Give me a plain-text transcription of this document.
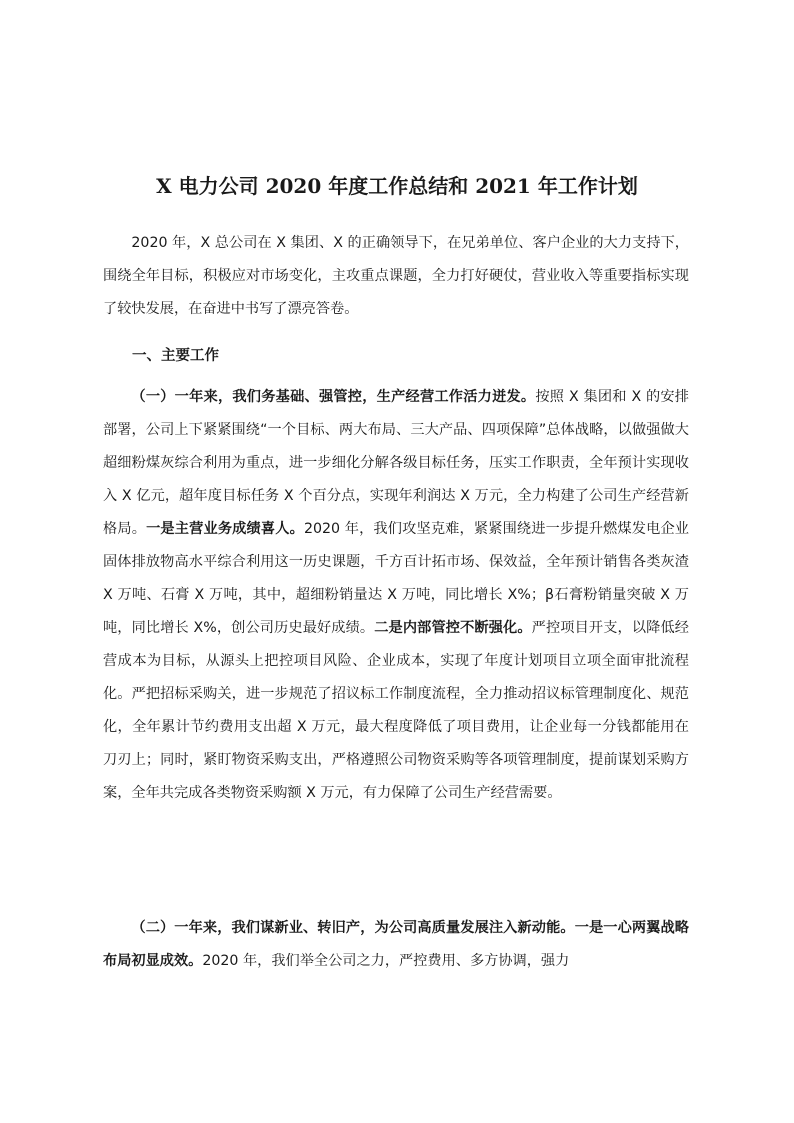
X 电力公司 2020 年度工作总结和 2021 年工作计划

2020 年，X 总公司在 X 集团、X 的正确领导下，在兄弟单位、客户企业的大力支持下，围绕全年目标，积极应对市场变化，主攻重点课题，全力打好硬仗，营业收入等重要指标实现了较快发展，在奋进中书写了漂亮答卷。

一、主要工作

（一）一年来，我们务基础、强管控，生产经营工作活力迸发。按照 X 集团和 X 的安排部署，公司上下紧紧围绕“一个目标、两大布局、三大产品、四项保障”总体战略，以做强做大超细粉煤灰综合利用为重点，进一步细化分解各级目标任务，压实工作职责，全年预计实现收入 X 亿元，超年度目标任务 X 个百分点，实现年利润达 X 万元，全力构建了公司生产经营新格局。一是主营业务成绩喜人。2020 年，我们攻坚克难，紧紧围绕进一步提升燃煤发电企业固体排放物高水平综合利用这一历史课题，千方百计拓市场、保效益，全年预计销售各类灰渣 X 万吨、石膏 X 万吨，其中，超细粉销量达 X 万吨，同比增长 X%；β石膏粉销量突破 X 万吨，同比增长 X%，创公司历史最好成绩。二是内部管控不断强化。严控项目开支，以降低经营成本为目标，从源头上把控项目风险、企业成本，实现了年度计划项目立项全面审批流程化。严把招标采购关，进一步规范了招议标工作制度流程，全力推动招议标管理制度化、规范化，全年累计节约费用支出超 X 万元，最大程度降低了项目费用，让企业每一分钱都能用在刀刃上；同时，紧盯物资采购支出，严格遵照公司物资采购等各项管理制度，提前谋划采购方案，全年共完成各类物资采购额 X 万元，有力保障了公司生产经营需要。

（二）一年来，我们谋新业、转旧产，为公司高质量发展注入新动能。一是一心两翼战略布局初显成效。2020 年，我们举全公司之力，严控费用、多方协调，强力
